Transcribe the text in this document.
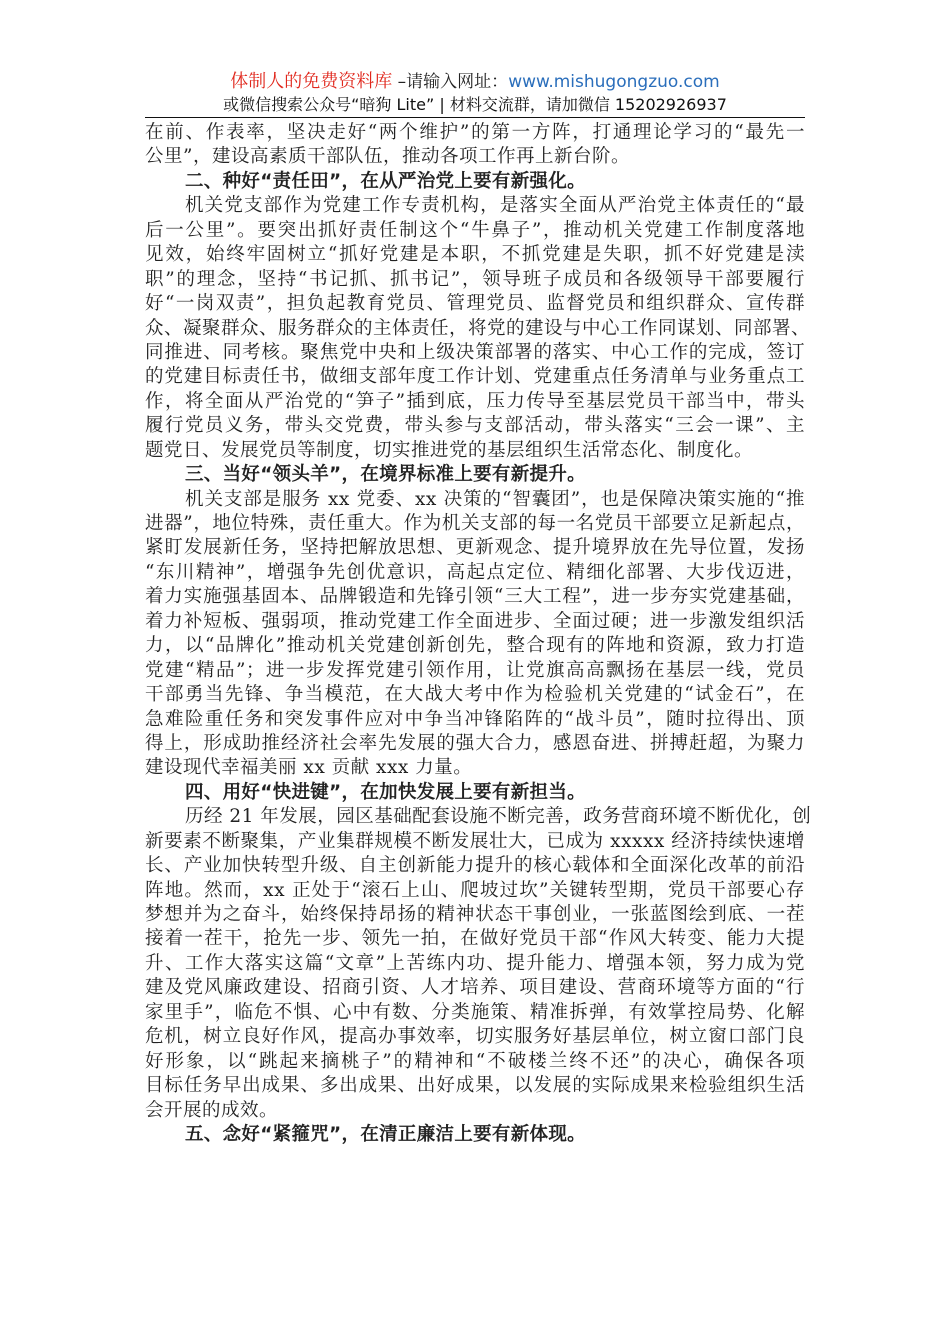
体制人的免费资料库 –请输入网址：www.mishugongzuo.com
或微信搜索公众号“暗狗 Lite” | 材料交流群，请加微信 15202926937
在前、作表率，坚决走好“两个维护”的第一方阵，打通理论学习的“最先一
公里”，建设高素质干部队伍，推动各项工作再上新台阶。
二、种好“责任田”，在从严治党上要有新强化。
机关党支部作为党建工作专责机构，是落实全面从严治党主体责任的“最
后一公里”。要突出抓好责任制这个“牛鼻子”，推动机关党建工作制度落地
见效，始终牢固树立“抓好党建是本职，不抓党建是失职，抓不好党建是渎
职”的理念，坚持“书记抓、抓书记”，领导班子成员和各级领导干部要履行
好“一岗双责”，担负起教育党员、管理党员、监督党员和组织群众、宣传群
众、凝聚群众、服务群众的主体责任，将党的建设与中心工作同谋划、同部署、
同推进、同考核。聚焦党中央和上级决策部署的落实、中心工作的完成，签订
的党建目标责任书，做细支部年度工作计划、党建重点任务清单与业务重点工
作，将全面从严治党的“笋子”插到底，压力传导至基层党员干部当中，带头
履行党员义务，带头交党费，带头参与支部活动，带头落实“三会一课”、主
题党日、发展党员等制度，切实推进党的基层组织生活常态化、制度化。
三、当好“领头羊”，在境界标准上要有新提升。
机关支部是服务 xx 党委、xx 决策的“智囊团”，也是保障决策实施的“推
进器”，地位特殊，责任重大。作为机关支部的每一名党员干部要立足新起点，
紧盯发展新任务，坚持把解放思想、更新观念、提升境界放在先导位置，发扬
“东川精神”，增强争先创优意识，高起点定位、精细化部署、大步伐迈进，
着力实施强基固本、品牌锻造和先锋引领“三大工程”，进一步夯实党建基础，
着力补短板、强弱项，推动党建工作全面进步、全面过硬；进一步激发组织活
力，以“品牌化”推动机关党建创新创先，整合现有的阵地和资源，致力打造
党建“精品”；进一步发挥党建引领作用，让党旗高高飘扬在基层一线，党员
干部勇当先锋、争当模范，在大战大考中作为检验机关党建的“试金石”，在
急难险重任务和突发事件应对中争当冲锋陷阵的“战斗员”，随时拉得出、顶
得上，形成助推经济社会率先发展的强大合力，感恩奋进、拼搏赶超，为聚力
建设现代幸福美丽 xx 贡献 xxx 力量。
四、用好“快进键”，在加快发展上要有新担当。
历经 21 年发展，园区基础配套设施不断完善，政务营商环境不断优化，创
新要素不断聚集，产业集群规模不断发展壮大，已成为 xxxxx 经济持续快速增
长、产业加快转型升级、自主创新能力提升的核心载体和全面深化改革的前沿
阵地。然而，xx 正处于“滚石上山、爬坡过坎”关键转型期，党员干部要心存
梦想并为之奋斗，始终保持昂扬的精神状态干事创业，一张蓝图绘到底、一茬
接着一茬干，抢先一步、领先一拍，在做好党员干部“作风大转变、能力大提
升、工作大落实这篇“文章”上苦练内功、提升能力、增强本领，努力成为党
建及党风廉政建设、招商引资、人才培养、项目建设、营商环境等方面的“行
家里手”，临危不惧、心中有数、分类施策、精准拆弹，有效掌控局势、化解
危机，树立良好作风，提高办事效率，切实服务好基层单位，树立窗口部门良
好形象，以“跳起来摘桃子”的精神和“不破楼兰终不还”的决心，确保各项
目标任务早出成果、多出成果、出好成果，以发展的实际成果来检验组织生活
会开展的成效。
五、念好“紧箍咒”，在清正廉洁上要有新体现。
